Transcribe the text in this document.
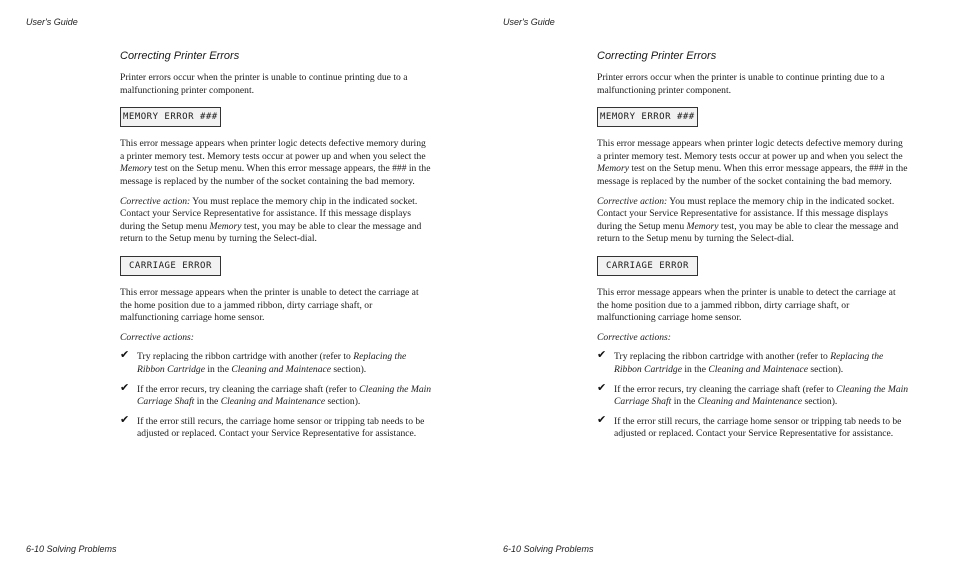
User's Guide
Correcting Printer Errors

Printer errors occur when the printer is unable to continue printing due to a malfunctioning printer component.

MEMORY ERROR ###

This error message appears when printer logic detects defective memory during a printer memory test. Memory tests occur at power up and when you select the Memory test on the Setup menu. When this error message appears, the ### in the message is replaced by the number of the socket containing the bad memory.

Corrective action: You must replace the memory chip in the indicated socket. Contact your Service Representative for assistance. If this message displays during the Setup menu Memory test, you may be able to clear the message and return to the Setup menu by turning the Select-dial.

CARRIAGE ERROR

This error message appears when the printer is unable to detect the carriage at the home position due to a jammed ribbon, dirty carriage shaft, or malfunctioning carriage home sensor.

Corrective actions:

✔ Try replacing the ribbon cartridge with another (refer to Replacing the Ribbon Cartridge in the Cleaning and Maintenace section).
✔ If the error recurs, try cleaning the carriage shaft (refer to Cleaning the Main Carriage Shaft in the Cleaning and Maintenance section).
✔ If the error still recurs, the carriage home sensor or tripping tab needs to be adjusted or replaced. Contact your Service Representative for assistance.
6-10 Solving Problems
User's Guide
Correcting Printer Errors

Printer errors occur when the printer is unable to continue printing due to a malfunctioning printer component.

MEMORY ERROR ###

This error message appears when printer logic detects defective memory during a printer memory test. Memory tests occur at power up and when you select the Memory test on the Setup menu. When this error message appears, the ### in the message is replaced by the number of the socket containing the bad memory.

Corrective action: You must replace the memory chip in the indicated socket. Contact your Service Representative for assistance. If this message displays during the Setup menu Memory test, you may be able to clear the message and return to the Setup menu by turning the Select-dial.

CARRIAGE ERROR

This error message appears when the printer is unable to detect the carriage at the home position due to a jammed ribbon, dirty carriage shaft, or malfunctioning carriage home sensor.

Corrective actions:

✔ Try replacing the ribbon cartridge with another (refer to Replacing the Ribbon Cartridge in the Cleaning and Maintenace section).
✔ If the error recurs, try cleaning the carriage shaft (refer to Cleaning the Main Carriage Shaft in the Cleaning and Maintenance section).
✔ If the error still recurs, the carriage home sensor or tripping tab needs to be adjusted or replaced. Contact your Service Representative for assistance.
6-10 Solving Problems
